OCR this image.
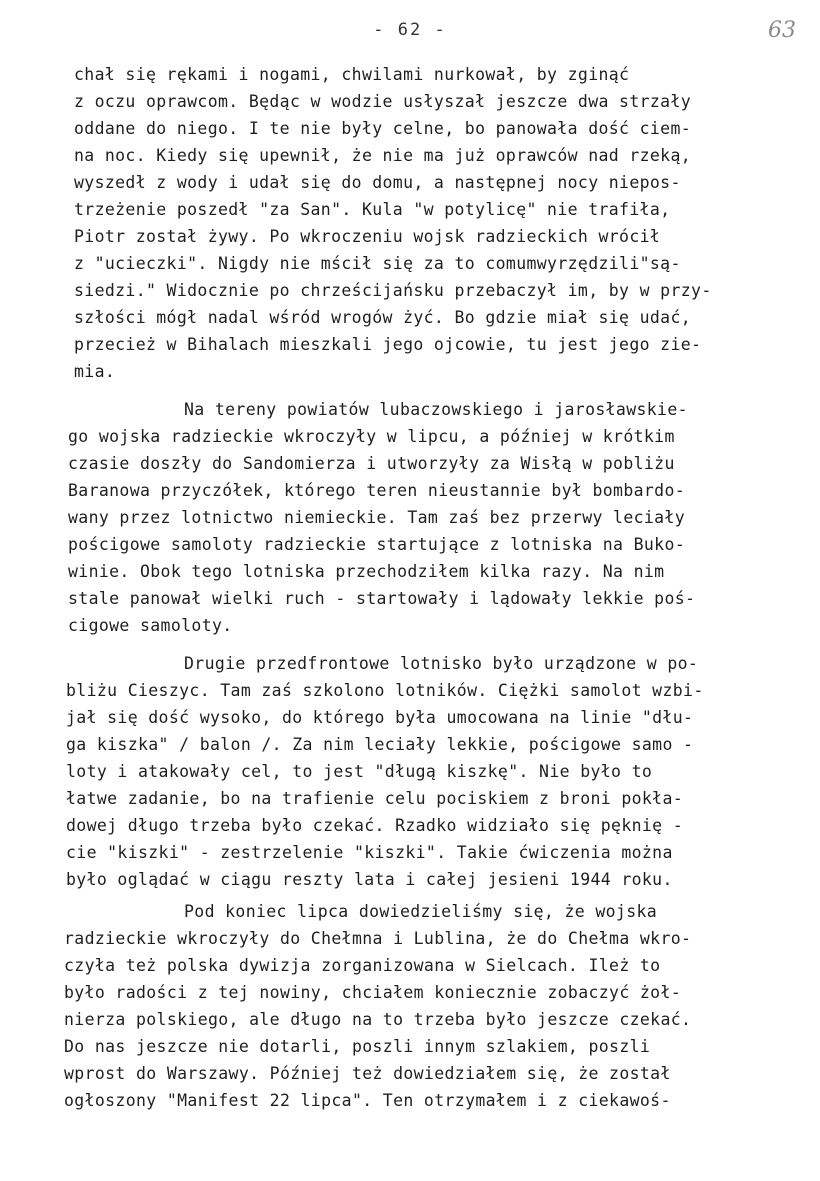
- 62 -	63
chał się rękami i nogami, chwilami nurkował, by zginąć
z oczu oprawcom. Będąc w wodzie usłyszał jeszcze dwa strzały
oddane do niego. I te nie były celne, bo panowała dość ciem-
na noc. Kiedy się upewnił, że nie ma już oprawców nad rzeką,
wyszedł z wody i udał się do domu, a następnej nocy niepos-
trzeżenie poszedł "za San". Kula "w potylicę" nie trafiła,
Piotr został żywy. Po wkroczeniu wojsk radzieckich wrócił
z "ucieczki". Nigdy nie mścił się za to comumwyrzędzili"są-
siedzi." Widocznie po chrześcijańsku przebaczył im, by w przy-
szłości mógł nadal wśród wrogów żyć. Bo gdzie miał się udać,
przecież w Bihalach mieszkali jego ojcowie, tu jest jego zie-
mia.
Na tereny powiatów lubaczowskiego i jarosławskie-
go wojska radzieckie wkroczyły w lipcu, a później w krótkim
czasie doszły do Sandomierza i utworzyły za Wisłą w pobliżu
Baranowa przyczółek, którego teren nieustannie był bombardo-
wany przez lotnictwo niemieckie. Tam zaś bez przerwy leciały
pościgowe samoloty radzieckie startujące z lotniska na Buko-
winie. Obok tego lotniska przechodziłem kilka razy. Na nim
stale panował wielki ruch - startowały i lądowały lekkie poś-
cigowe samoloty.
Drugie przedfrontowe lotnisko było urządzone w po-
bliżu Cieszyc. Tam zaś szkolono lotników. Ciężki samolot wzbi-
jał się dość wysoko, do którego była umocowana na linie "dłu-
ga kiszka" / balon /. Za nim leciały lekkie, pościgowe samo -
loty i atakowały cel, to jest "długą kiszkę". Nie było to
łatwe zadanie, bo na trafienie celu pociskiem z broni pokła-
dowej długo trzeba było czekać. Rzadko widziało się pęknię -
cie "kiszki" - zestrzelenie "kiszki". Takie ćwiczenia można
było oglądać w ciągu reszty lata i całej jesieni 1944 roku.
Pod koniec lipca dowiedzieliśmy się, że wojska
radzieckie wkroczyły do Chełmna i Lublina, że do Chełma wkro-
czyła też polska dywizja zorganizowana w Sielcach. Ileż to
było radości z tej nowiny, chciałem koniecznie zobaczyć żoł-
nierza polskiego, ale długo na to trzeba było jeszcze czekać.
Do nas jeszcze nie dotarli, poszli innym szlakiem, poszli
wprost do Warszawy. Później też dowiedziałem się, że został
ogłoszony "Manifest 22 lipca". Ten otrzymałem i z ciekawoś-
